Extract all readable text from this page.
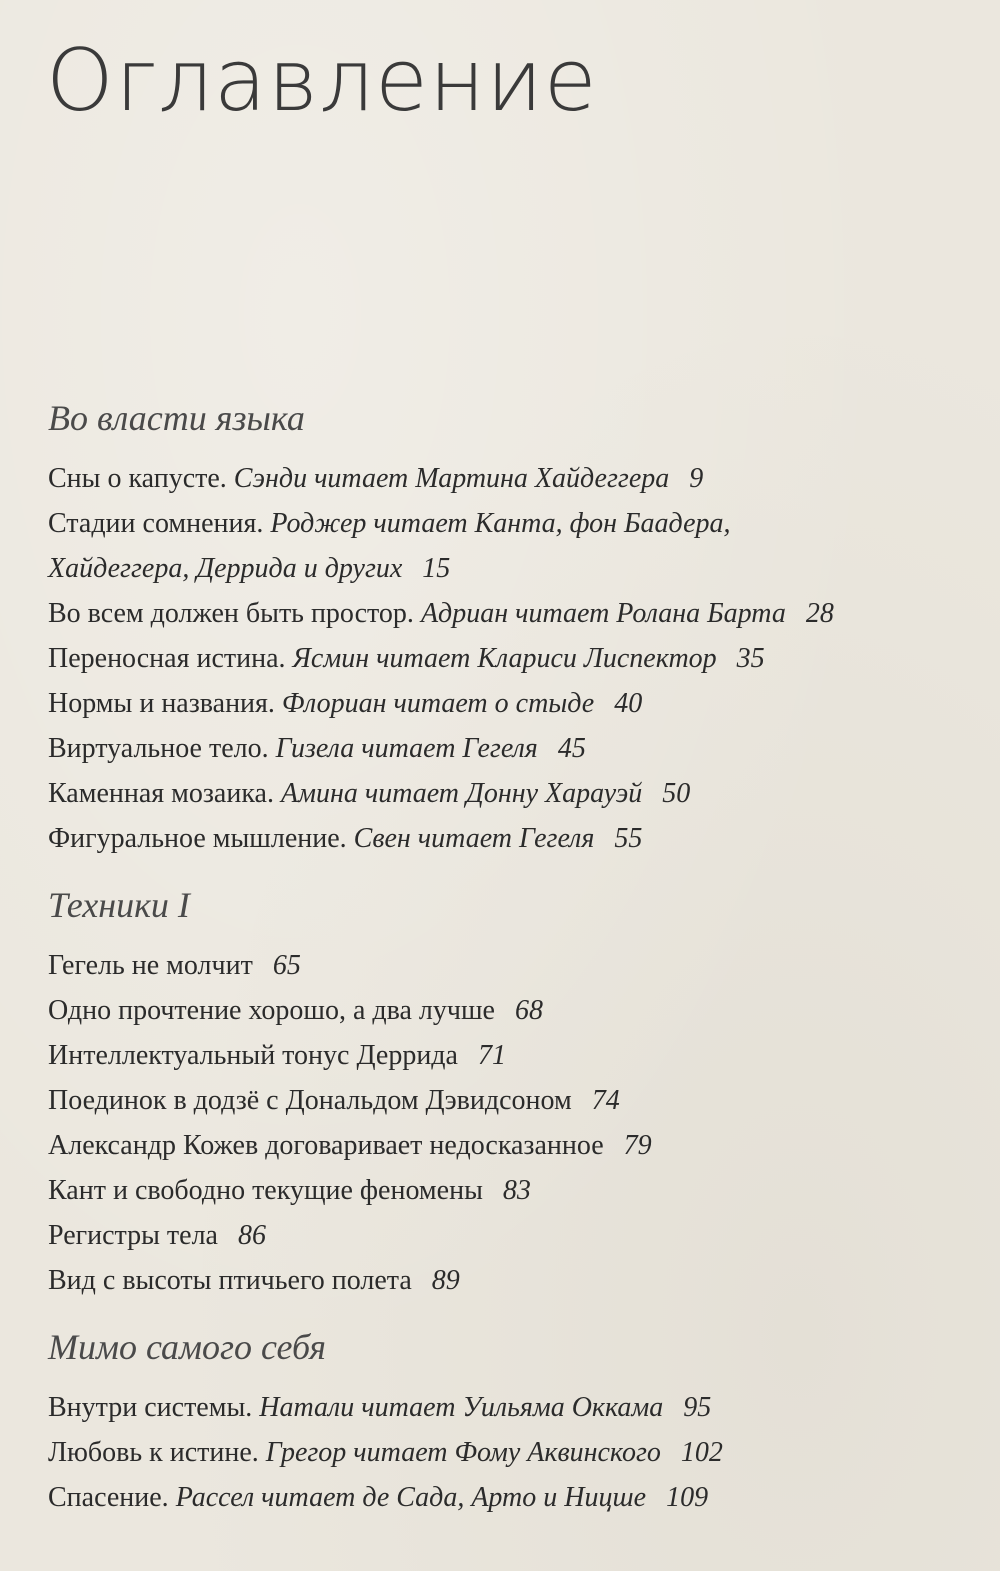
Оглавление
Во власти языка
Сны о капусте. Сэнди читает Мартина Хайдеггера 9
Стадии сомнения. Роджер читает Канта, фон Баадера,
Хайдеггера, Деррида и других 15
Во всем должен быть простор. Адриан читает Ролана Барта 28
Переносная истина. Ясмин читает Клариси Лиспектор 35
Нормы и названия. Флориан читает о стыде 40
Виртуальное тело. Гизела читает Гегеля 45
Каменная мозаика. Амина читает Донну Харауэй 50
Фигуральное мышление. Свен читает Гегеля 55
Техники I
Гегель не молчит 65
Одно прочтение хорошо, а два лучше 68
Интеллектуальный тонус Деррида 71
Поединок в додзё с Дональдом Дэвидсоном 74
Александр Кожев договаривает недосказанное 79
Кант и свободно текущие феномены 83
Регистры тела 86
Вид с высоты птичьего полета 89
Мимо самого себя
Внутри системы. Натали читает Уильяма Оккама 95
Любовь к истине. Грегор читает Фому Аквинского 102
Спасение. Рассел читает де Сада, Арто и Ницше 109
